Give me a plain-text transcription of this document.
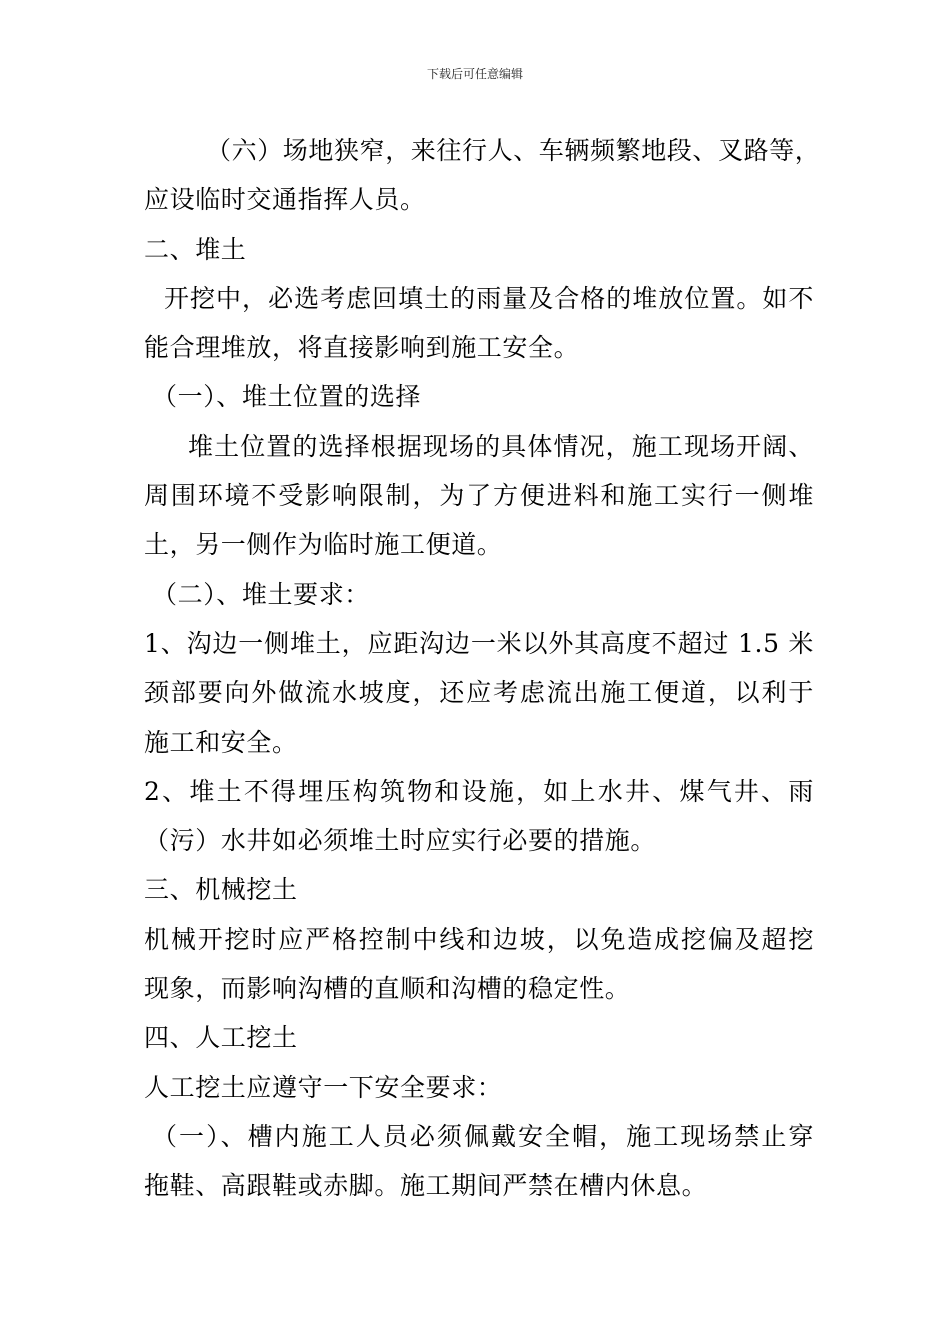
下载后可任意编辑
（六）场地狭窄，来往行人、车辆频繁地段、叉路等，
应设临时交通指挥人员。
二、堆土
开挖中，必选考虑回填土的雨量及合格的堆放位置。如不
能合理堆放，将直接影响到施工安全。
（一）、堆土位置的选择
堆土位置的选择根据现场的具体情况，施工现场开阔、
周围环境不受影响限制，为了方便进料和施工实行一侧堆
土，另一侧作为临时施工便道。
（二）、堆土要求：
1、沟边一侧堆土，应距沟边一米以外其高度不超过 1.5 米
颈部要向外做流水坡度，还应考虑流出施工便道，以利于
施工和安全。
2、堆土不得埋压构筑物和设施，如上水井、煤气井、雨
（污）水井如必须堆土时应实行必要的措施。
三、机械挖土
机械开挖时应严格控制中线和边坡，以免造成挖偏及超挖
现象，而影响沟槽的直顺和沟槽的稳定性。
四、人工挖土
人工挖土应遵守一下安全要求：
（一）、槽内施工人员必须佩戴安全帽，施工现场禁止穿
拖鞋、高跟鞋或赤脚。施工期间严禁在槽内休息。
